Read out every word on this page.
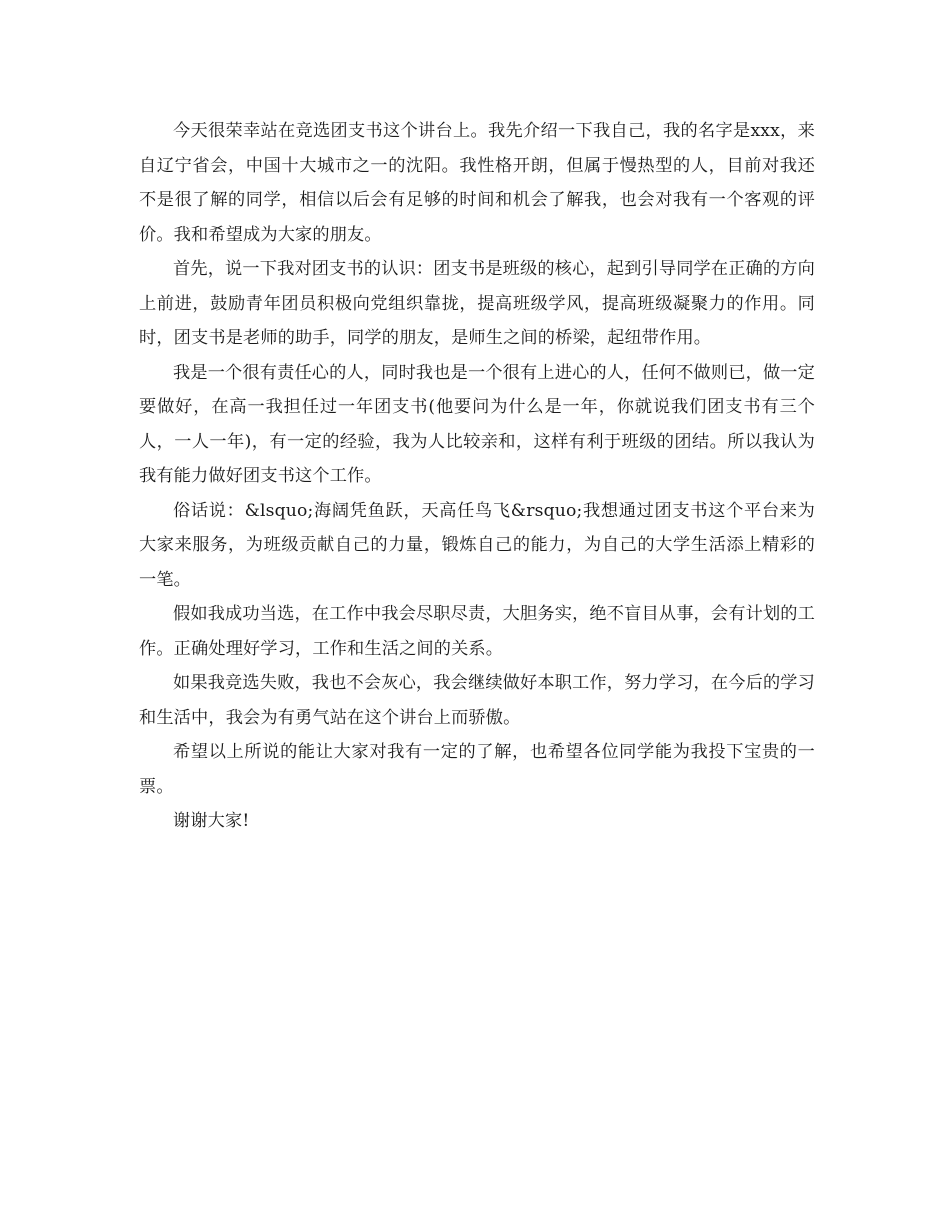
今天很荣幸站在竞选团支书这个讲台上。我先介绍一下我自己，我的名字是xxx，来自辽宁省会，中国十大城市之一的沈阳。我性格开朗，但属于慢热型的人，目前对我还不是很了解的同学，相信以后会有足够的时间和机会了解我，也会对我有一个客观的评价。我和希望成为大家的朋友。

首先，说一下我对团支书的认识：团支书是班级的核心，起到引导同学在正确的方向上前进，鼓励青年团员积极向党组织靠拢，提高班级学风，提高班级凝聚力的作用。同时，团支书是老师的助手，同学的朋友，是师生之间的桥梁，起纽带作用。

我是一个很有责任心的人，同时我也是一个很有上进心的人，任何不做则已，做一定要做好，在高一我担任过一年团支书(他要问为什么是一年，你就说我们团支书有三个人，一人一年)，有一定的经验，我为人比较亲和，这样有利于班级的团结。所以我认为我有能力做好团支书这个工作。

俗话说：&lsquo;海阔凭鱼跃，天高任鸟飞&rsquo;我想通过团支书这个平台来为大家来服务，为班级贡献自己的力量，锻炼自己的能力，为自己的大学生活添上精彩的一笔。

假如我成功当选，在工作中我会尽职尽责，大胆务实，绝不盲目从事，会有计划的工作。正确处理好学习，工作和生活之间的关系。

如果我竞选失败，我也不会灰心，我会继续做好本职工作，努力学习，在今后的学习和生活中，我会为有勇气站在这个讲台上而骄傲。

希望以上所说的能让大家对我有一定的了解，也希望各位同学能为我投下宝贵的一票。

谢谢大家!
